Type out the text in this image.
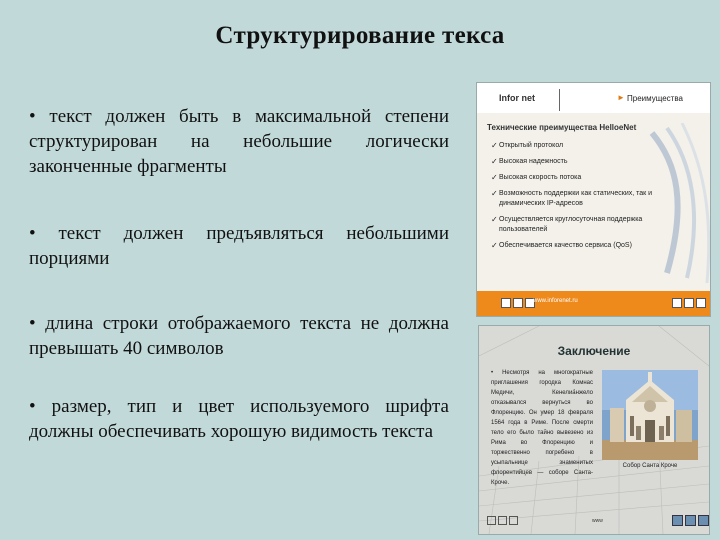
Структурирование текса
• текст должен быть в максимальной степени структурирован на небольшие логически законченные фрагменты
• текст должен предъявляться небольшими порциями
• длина строки отображаемого текста не должна превышать 40 символов
• размер, тип и цвет используемого шрифта должны обеспечивать хорошую видимость текста
Infor net	► Преимущества
Технические преимущества HelloeNet
✓ Открытый протокол
✓ Высокая надежность
✓ Высокая скорость потока
✓ Возможность поддержки как статических, так и динамических IP-адресов
✓ Осуществляется круглосуточная поддержка пользователей
✓ Обеспечивается качество сервиса (QoS)
www.inforenet.ru
Заключение
• Несмотря на многократные приглашения городка Комнас Медичи, Кенелиа́нжело отказывался вернуться во Флоренцию. Он умер 18 февраля 1564 года в Риме. После смерти тело его было тайно вывезено из Рима во Флоренцию и торжественно погребено в усыпальнице знаменитых флорентийцев — соборе Санта-Кроче.
Собор Санта Кроче
www
